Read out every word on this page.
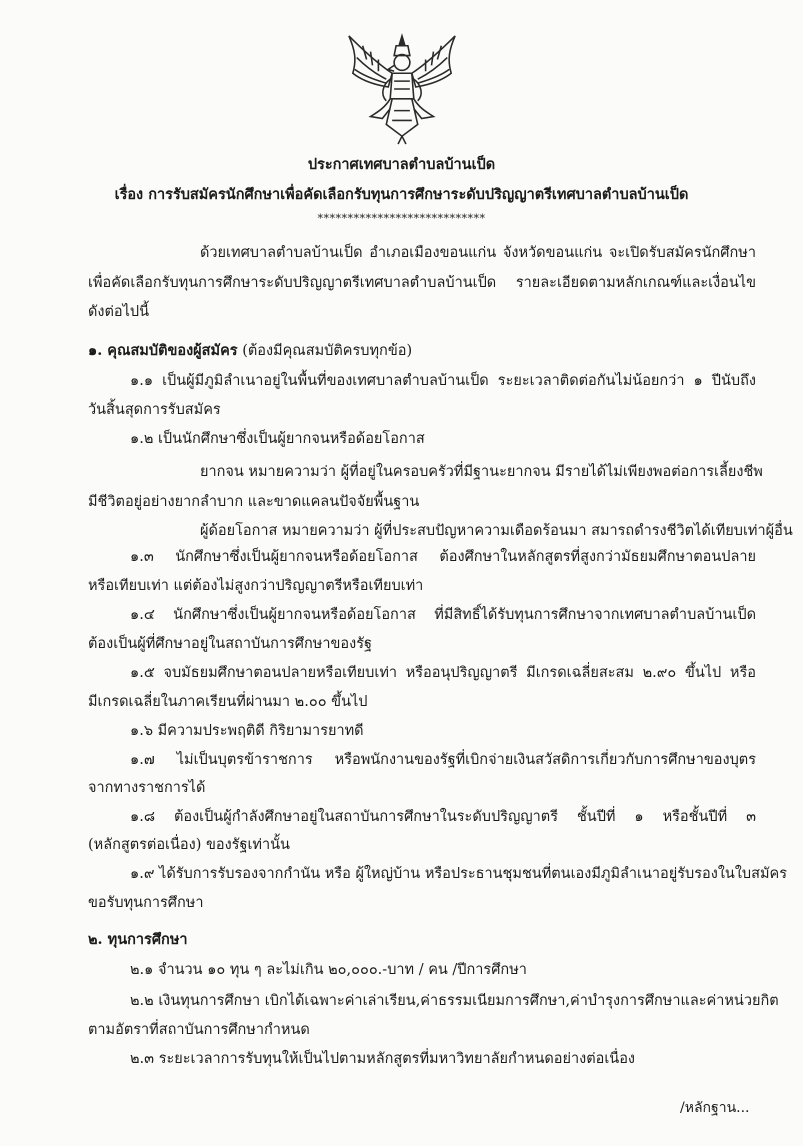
ประกาศเทศบาลตำบลบ้านเป็ด
เรื่อง การรับสมัครนักศึกษาเพื่อคัดเลือกรับทุนการศึกษาระดับปริญญาตรีเทศบาลตำบลบ้านเป็ด
****************************
ด้วยเทศบาลตำบลบ้านเป็ด อำเภอเมืองขอนแก่น จังหวัดขอนแก่น จะเปิดรับสมัครนักศึกษา
เพื่อคัดเลือกรับทุนการศึกษาระดับปริญญาตรีเทศบาลตำบลบ้านเป็ด รายละเอียดตามหลักเกณฑ์และเงื่อนไข
ดังต่อไปนี้
๑. คุณสมบัติของผู้สมัคร (ต้องมีคุณสมบัติครบทุกข้อ)
๑.๑ เป็นผู้มีภูมิลำเนาอยู่ในพื้นที่ของเทศบาลตำบลบ้านเป็ด ระยะเวลาติดต่อกันไม่น้อยกว่า ๑ ปีนับถึง
วันสิ้นสุดการรับสมัคร
๑.๒ เป็นนักศึกษาซึ่งเป็นผู้ยากจนหรือด้อยโอกาส
ยากจน หมายความว่า ผู้ที่อยู่ในครอบครัวที่มีฐานะยากจน มีรายได้ไม่เพียงพอต่อการเลี้ยงชีพ
มีชีวิตอยู่อย่างยากลำบาก และขาดแคลนปัจจัยพื้นฐาน
ผู้ด้อยโอกาส หมายความว่า ผู้ที่ประสบปัญหาความเดือดร้อนมา สมารถดำรงชีวิตได้เทียบเท่าผู้อื่น
๑.๓ นักศึกษาซึ่งเป็นผู้ยากจนหรือด้อยโอกาส ต้องศึกษาในหลักสูตรที่สูงกว่ามัธยมศึกษาตอนปลาย
หรือเทียบเท่า แต่ต้องไม่สูงกว่าปริญญาตรีหรือเทียบเท่า
๑.๔ นักศึกษาซึ่งเป็นผู้ยากจนหรือด้อยโอกาส ที่มีสิทธิ์ได้รับทุนการศึกษาจากเทศบาลตำบลบ้านเป็ด
ต้องเป็นผู้ที่ศึกษาอยู่ในสถาบันการศึกษาของรัฐ
๑.๕ จบมัธยมศึกษาตอนปลายหรือเทียบเท่า หรืออนุปริญญาตรี มีเกรดเฉลี่ยสะสม ๒.๙๐ ขึ้นไป หรือ
มีเกรดเฉลี่ยในภาคเรียนที่ผ่านมา ๒.๐๐ ขึ้นไป
๑.๖ มีความประพฤติดี กิริยามารยาทดี
๑.๗ ไม่เป็นบุตรข้าราชการ หรือพนักงานของรัฐที่เบิกจ่ายเงินสวัสดิการเกี่ยวกับการศึกษาของบุตร
จากทางราชการได้
๑.๘ ต้องเป็นผู้กำลังศึกษาอยู่ในสถาบันการศึกษาในระดับปริญญาตรี ชั้นปีที่ ๑ หรือชั้นปีที่ ๓
(หลักสูตรต่อเนื่อง) ของรัฐเท่านั้น
๑.๙ ได้รับการรับรองจากกำนัน หรือ ผู้ใหญ่บ้าน หรือประธานชุมชนที่ตนเองมีภูมิลำเนาอยู่รับรองในใบสมัคร
ขอรับทุนการศึกษา
๒. ทุนการศึกษา
๒.๑ จำนวน ๑๐ ทุน ๆ ละไม่เกิน ๒๐,๐๐๐.-บาท / คน /ปีการศึกษา
๒.๒ เงินทุนการศึกษา เบิกได้เฉพาะค่าเล่าเรียน,ค่าธรรมเนียมการศึกษา,ค่าบำรุงการศึกษาและค่าหน่วยกิต
ตามอัตราที่สถาบันการศึกษากำหนด
๒.๓ ระยะเวลาการรับทุนให้เป็นไปตามหลักสูตรที่มหาวิทยาลัยกำหนดอย่างต่อเนื่อง
/หลักฐาน...
